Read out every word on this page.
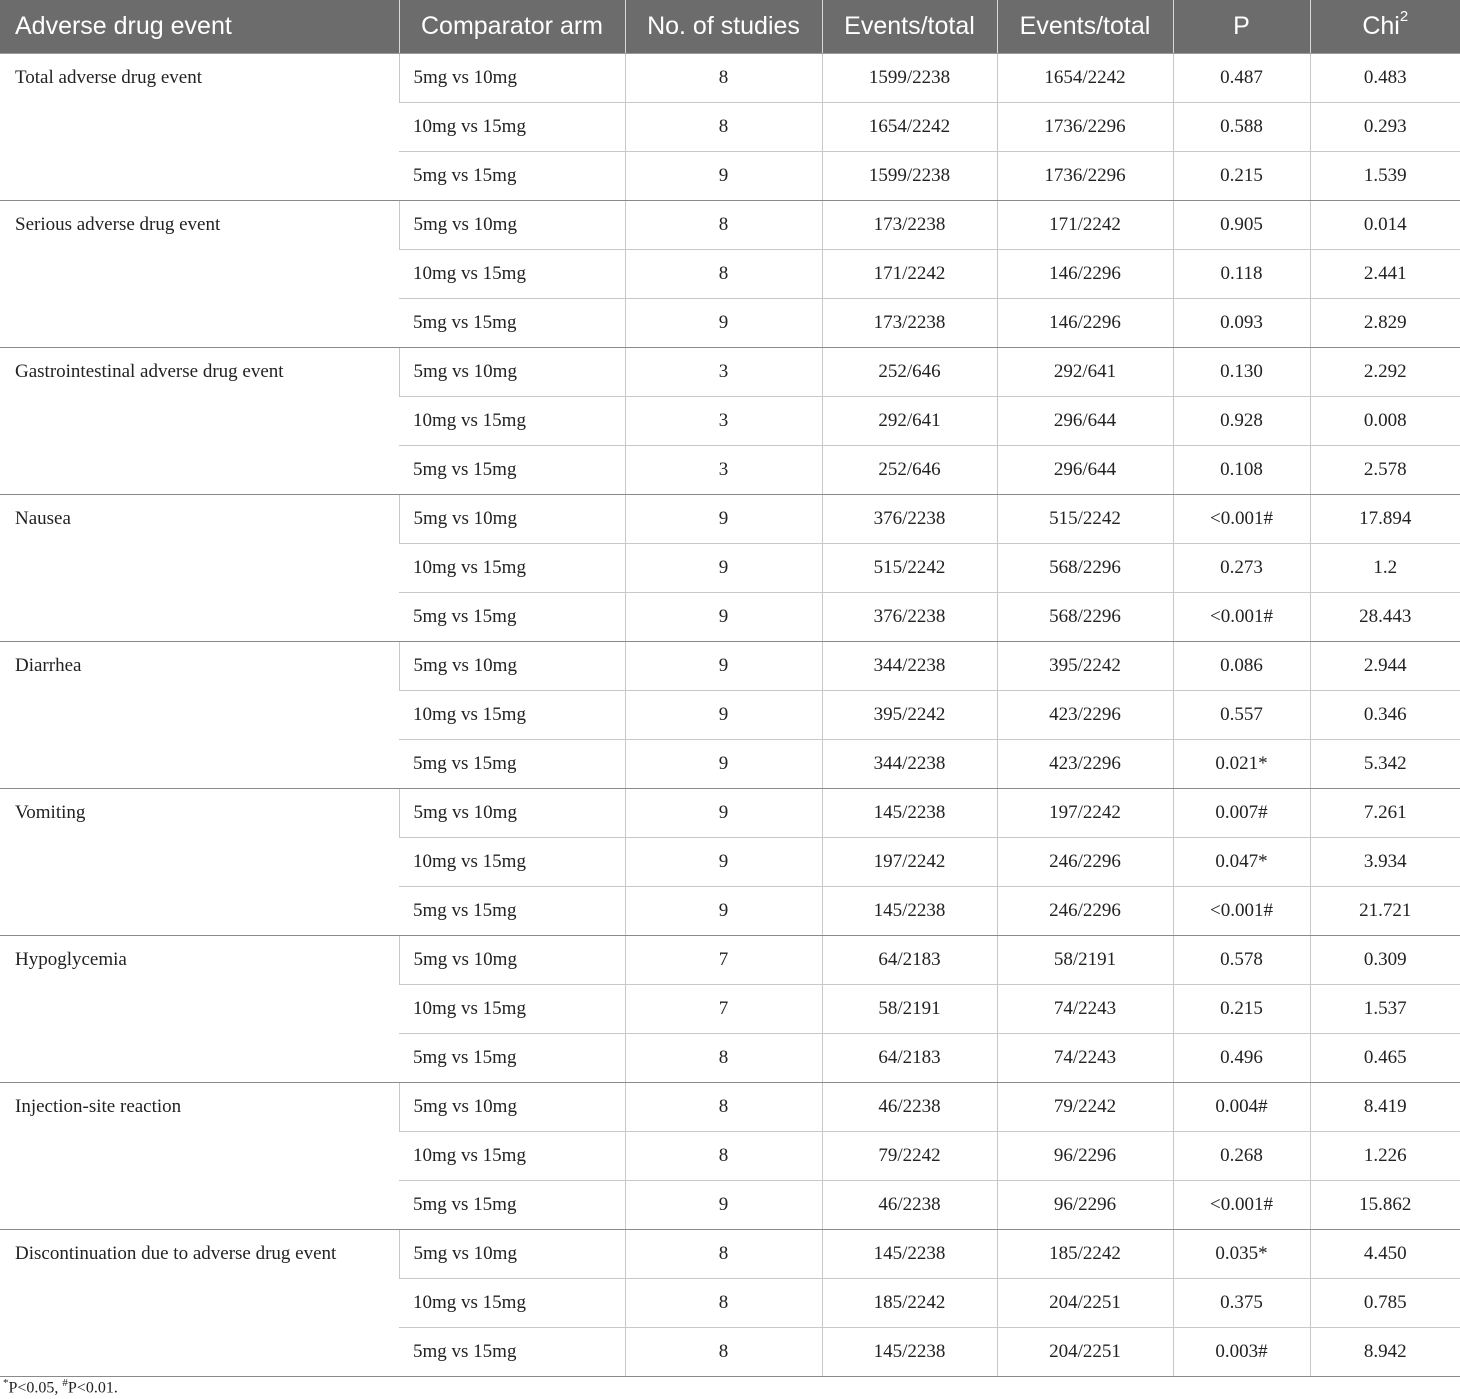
Adverse drug event	Comparator arm	No. of studies	Events/total	Events/total	P	Chi$^2$
Total adverse drug event	5mg vs 10mg	8	1599/2238	1654/2242	0.487	0.483
	10mg vs 15mg	8	1654/2242	1736/2296	0.588	0.293
	5mg vs 15mg	9	1599/2238	1736/2296	0.215	1.539
Serious adverse drug event	5mg vs 10mg	8	173/2238	171/2242	0.905	0.014
	10mg vs 15mg	8	171/2242	146/2296	0.118	2.441
	5mg vs 15mg	9	173/2238	146/2296	0.093	2.829
Gastrointestinal adverse drug event	5mg vs 10mg	3	252/646	292/641	0.130	2.292
	10mg vs 15mg	3	292/641	296/644	0.928	0.008
	5mg vs 15mg	3	252/646	296/644	0.108	2.578
Nausea	5mg vs 10mg	9	376/2238	515/2242	<0.001#	17.894
	10mg vs 15mg	9	515/2242	568/2296	0.273	1.2
	5mg vs 15mg	9	376/2238	568/2296	<0.001#	28.443
Diarrhea	5mg vs 10mg	9	344/2238	395/2242	0.086	2.944
	10mg vs 15mg	9	395/2242	423/2296	0.557	0.346
	5mg vs 15mg	9	344/2238	423/2296	0.021*	5.342
Vomiting	5mg vs 10mg	9	145/2238	197/2242	0.007#	7.261
	10mg vs 15mg	9	197/2242	246/2296	0.047*	3.934
	5mg vs 15mg	9	145/2238	246/2296	<0.001#	21.721
Hypoglycemia	5mg vs 10mg	7	64/2183	58/2191	0.578	0.309
	10mg vs 15mg	7	58/2191	74/2243	0.215	1.537
	5mg vs 15mg	8	64/2183	74/2243	0.496	0.465
Injection-site reaction	5mg vs 10mg	8	46/2238	79/2242	0.004#	8.419
	10mg vs 15mg	8	79/2242	96/2296	0.268	1.226
	5mg vs 15mg	9	46/2238	96/2296	<0.001#	15.862
Discontinuation due to adverse drug event	5mg vs 10mg	8	145/2238	185/2242	0.035*	4.450
	10mg vs 15mg	8	185/2242	204/2251	0.375	0.785
	5mg vs 15mg	8	145/2238	204/2251	0.003#	8.942
*P<0.05, #P<0.01.
